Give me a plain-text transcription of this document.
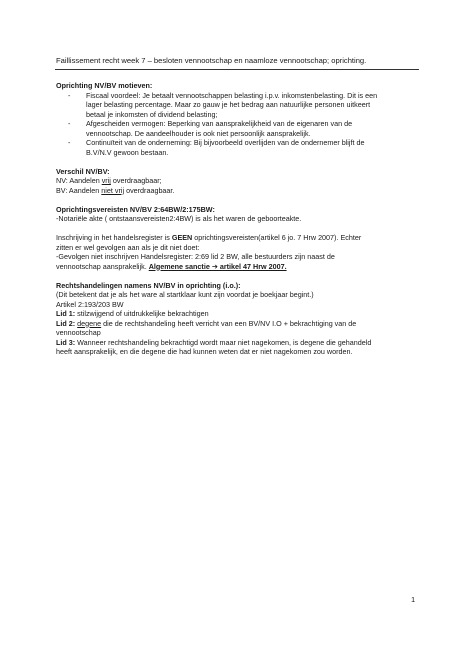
Faillissement recht week 7 – besloten vennootschap en naamloze vennootschap; oprichting.

Oprichting NV/BV motieven:

- Fiscaal voordeel: Je betaalt vennootschappen belasting i.p.v. inkomstenbelasting. Dit is een
lager belasting percentage. Maar zo gauw je het bedrag aan natuurlijke personen uitkeert
betaal je inkomsten of dividend belasting;
- Afgescheiden vermogen: Beperking van aansprakelijkheid van de eigenaren van de
vennootschap. De aandeelhouder is ook niet persoonlijk aansprakelijk.
- Continuïteit van de onderneming: Bij bijvoorbeeld overlijden van de ondernemer blijft de
B.V/N.V gewoon bestaan.

Verschil NV/BV:

NV: Aandelen vrij overdraagbaar;
BV: Aandelen niet vrij overdraagbaar.

Oprichtingsvereisten NV/BV 2:64BW/2:175BW:

-Notariële akte ( ontstaansvereisten2:4BW) is als het waren de geboorteakte.
Inschrijving in het handelsregister is GEEN oprichtingsvereisten(artikel 6 jo. 7 Hrw 2007). Echter
zitten er wel gevolgen aan als je dit niet doet:
-Gevolgen niet inschrijven Handelsregister: 2:69 lid 2 BW, alle bestuurders zijn naast de
vennootschap aansprakelijk. Algemene sanctie ➔ artikel 47 Hrw 2007.

Rechtshandelingen namens NV/BV in oprichting (i.o.):

(Dit betekent dat je als het ware al startklaar kunt zijn voordat je boekjaar begint.)
Artikel 2:193/203 BW
Lid 1: stilzwijgend of uitdrukkelijke bekrachtigen
Lid 2: degene die de rechtshandeling heeft verricht van een BV/NV I.O + bekrachtiging van de
vennootschap
Lid 3: Wanneer rechtshandeling bekrachtigd wordt maar niet nagekomen, is degene die gehandeld
heeft aansprakelijk, en die degene die had kunnen weten dat er niet nagekomen zou worden.
1
